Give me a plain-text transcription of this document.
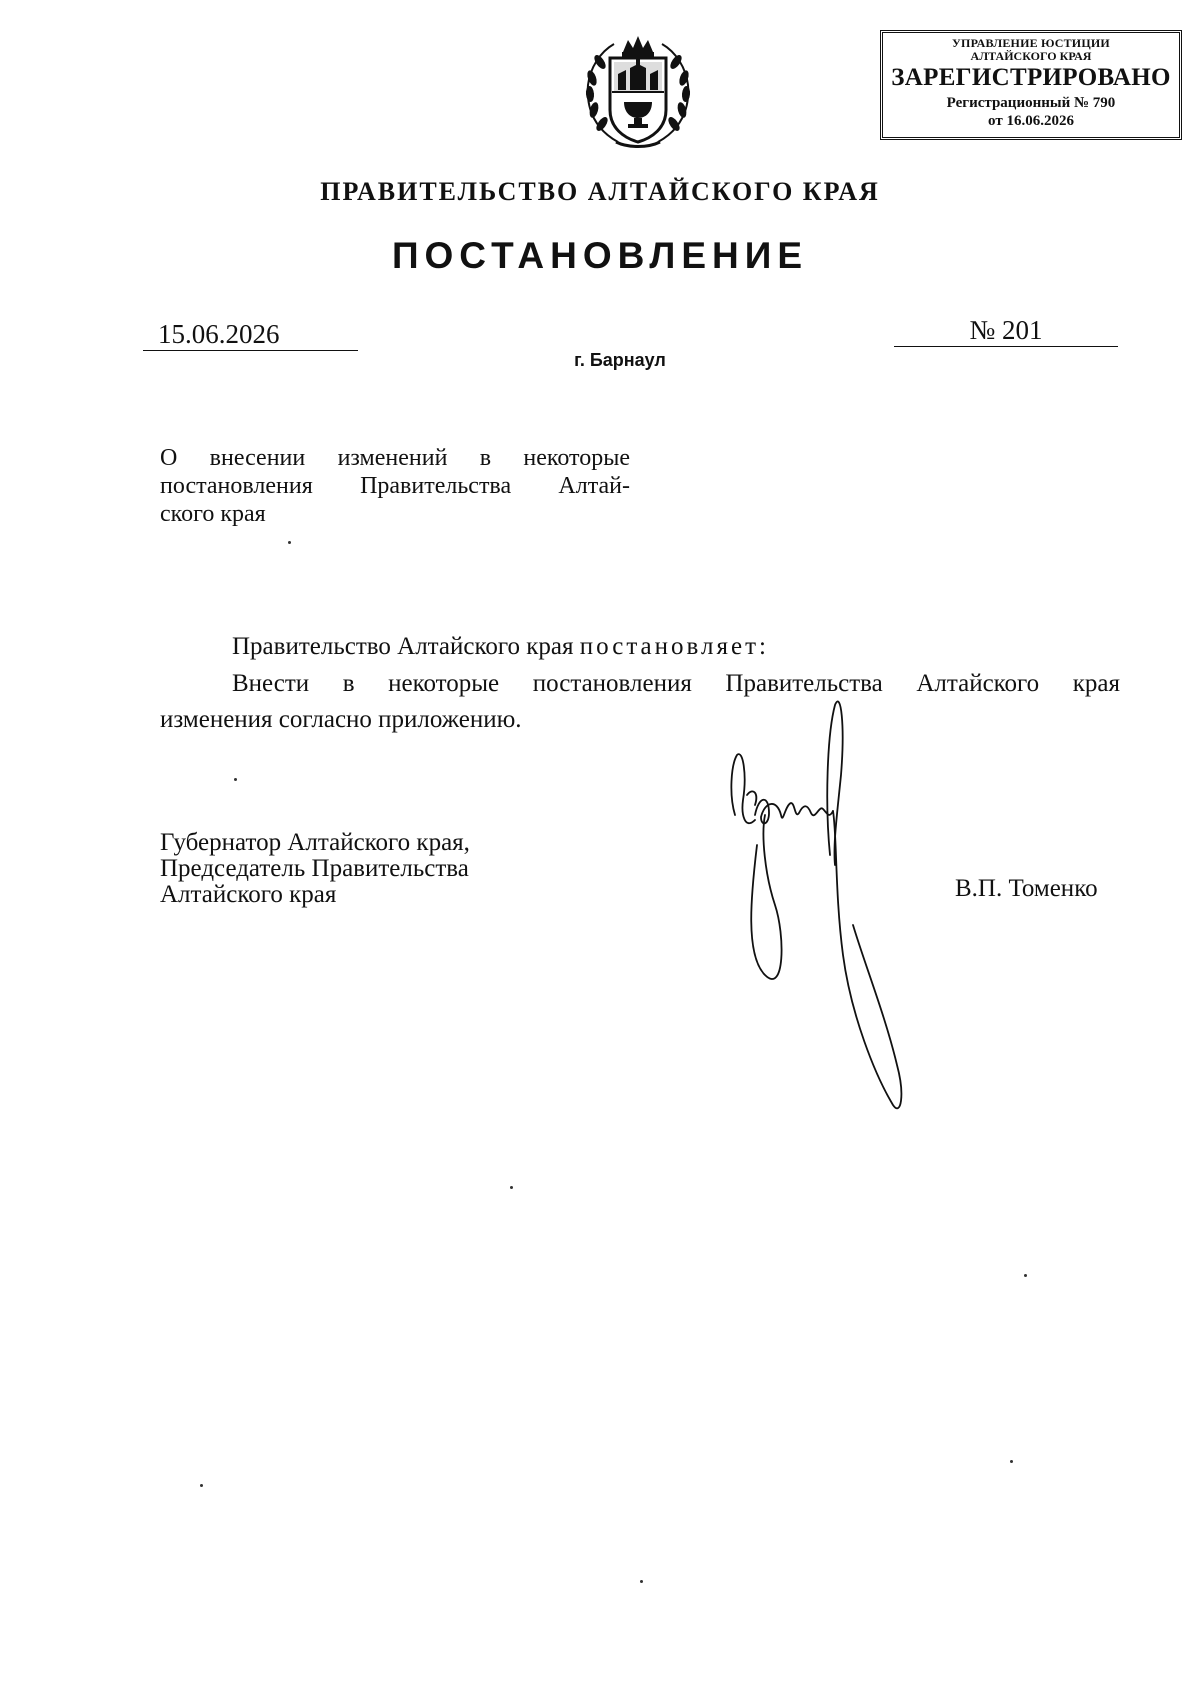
УПРАВЛЕНИЕ ЮСТИЦИИ
АЛТАЙСКОГО КРАЯ
ЗАРЕГИСТРИРОВАНО
Регистрационный № 790
от 16.06.2026
ПРАВИТЕЛЬСТВО АЛТАЙСКОГО КРАЯ
ПОСТАНОВЛЕНИЕ
15.06.2026	№ 201
г. Барнаул
О внесении изменений в некоторые
постановления Правительства Алтай-
ского края
Правительство Алтайского края постановляет:
Внести в некоторые постановления Правительства Алтайского края
изменения согласно приложению.
Губернатор Алтайского края,
Председатель Правительства
Алтайского края	В.П. Томенко
